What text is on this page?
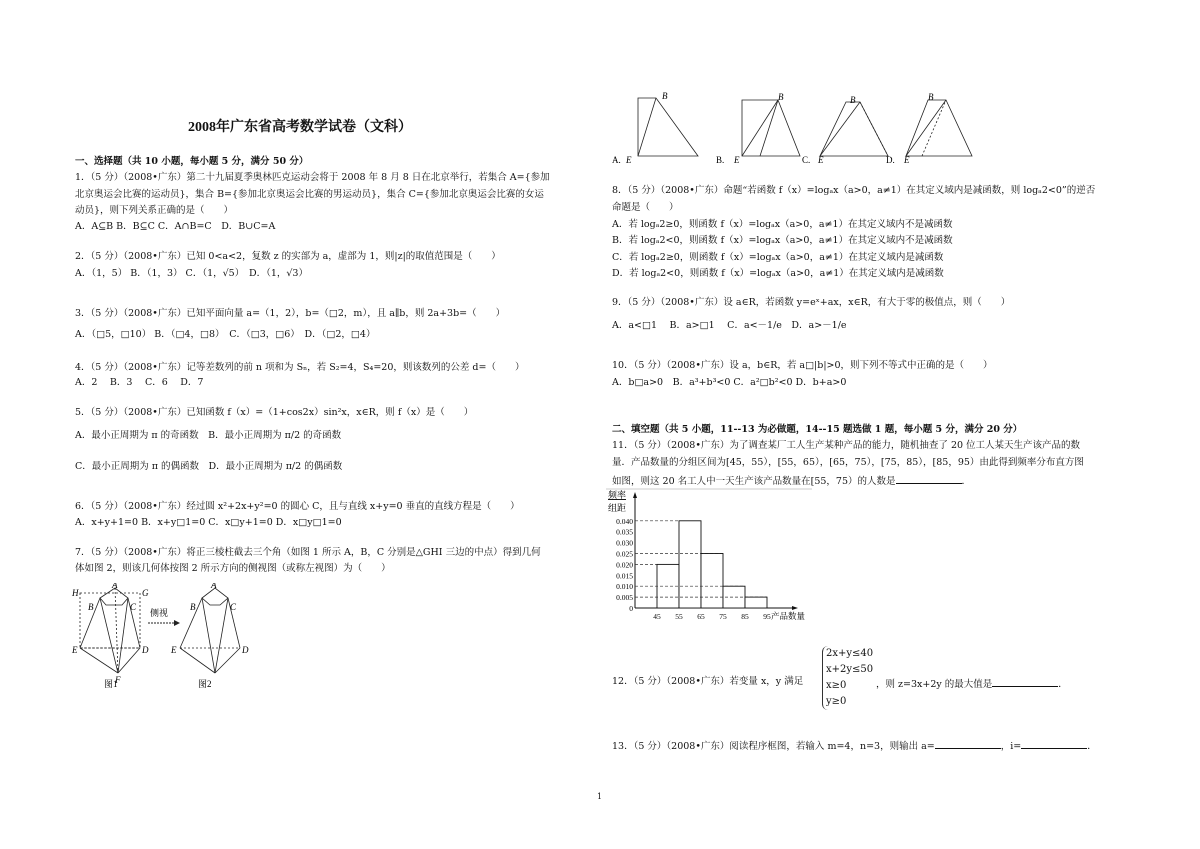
2008年广东省高考数学试卷（文科）
一、选择题（共 10 小题，每小题 5 分，满分 50 分）
1．（5 分）（2008•广东）第二十九届夏季奥林匹克运动会将于 2008 年 8 月 8 日在北京举行，若集合 A={参加
北京奥运会比赛的运动员}，集合 B={参加北京奥运会比赛的男运动员}，集合 C={参加北京奥运会比赛的女运
动员}，则下列关系正确的是（　　）
A．A⊆B B．B⊆C C．A∩B=C　D．B∪C=A
2．（5 分）（2008•广东）已知 0<a<2，复数 z 的实部为 a，虚部为 1，则|z|的取值范围是（　　）
A．（1，5） B．（1，3） C．（1，√5）　D．（1，√3）
3．（5 分）（2008•广东）已知平面向量 a=（1，2），b=（□2，m），且 a∥b，则 2a+3b=（　　）
A．（□5，□10） B．（□4，□8）　C．（□3，□6）　D．（□2，□4）
4．（5 分）（2008•广东）记等差数列的前 n 项和为 Sₙ，若 S₂=4，S₄=20，则该数列的公差 d=（　　）
A．2　 B．3　 C．6　 D．7
5．（5 分）（2008•广东）已知函数 f（x）=（1+cos2x）sin²x，x∈R，则 f（x）是（　　）
A．最小正周期为 π 的奇函数　B．最小正周期为 π/2 的奇函数
C．最小正周期为 π 的偶函数　D．最小正周期为 π/2 的偶函数
6．（5 分）（2008•广东）经过圆 x²+2x+y²=0 的圆心 C，且与直线 x+y=0 垂直的直线方程是（　　）
A．x+y+1=0 B．x+y□1=0 C．x□y+1=0 D．x□y□1=0
7．（5 分）（2008•广东）将正三棱柱截去三个角（如图 1 所示 A，B，C 分别是△GHI 三边的中点）得到几何
体如图 2，则该几何体按图 2 所示方向的侧视图（或称左视图）为（　　）
H
A
G
B	C
E	D
F
侧视
A
B	C
E	D
图1	图2
B	B	B	B
A. E	B. E	C. E	D. E
8．（5 分）（2008•广东）命题“若函数 f（x）=logₐx（a>0，a≠1）在其定义域内是减函数，则 logₐ2<0”的逆否
命题是（　　）
A．若 logₐ2≥0，则函数 f（x）=logₐx（a>0，a≠1）在其定义域内不是减函数
B．若 logₐ2<0，则函数 f（x）=logₐx（a>0，a≠1）在其定义域内不是减函数
C．若 logₐ2≥0，则函数 f（x）=logₐx（a>0，a≠1）在其定义域内是减函数
D．若 logₐ2<0，则函数 f（x）=logₐx（a>0，a≠1）在其定义域内是减函数
9．（5 分）（2008•广东）设 a∈R，若函数 y=eˣ+ax，x∈R，有大于零的极值点，则（　　）
A．a<□1　 B．a>□1　 C．a<－1/e　D．a>－1/e
10．（5 分）（2008•广东）设 a，b∈R，若 a□|b|>0，则下列不等式中正确的是（　　）
A．b□a>0　B．a³+b³<0 C．a²□b²<0 D．b+a>0
二、填空题（共 5 小题，11--13 为必做题，14--15 题选做 1 题，每小题 5 分，满分 20 分）
11．（5 分）（2008•广东）为了调查某厂工人生产某种产品的能力，随机抽查了 20 位工人某天生产该产品的数
量．产品数量的分组区间为[45，55），[55，65），[65，75），[75，85），[85，95）由此得到频率分布直方图
如图，则这 20 名工人中一天生产该产品数量在[55，75）的人数是	．
频率
组距
0
0.005
0.010
0.015
0.020
0.025
0.030
0.035
0.040
45 55 65 75 85 95 产品数量
12．（5 分）（2008•广东）若变量 x，y 满足
2x+y≤40
x+2y≤50
x≥0
y≥0
，则 z=3x+2y 的最大值是	．
13．（5 分）（2008•广东）阅读程序框图，若输入 m=4，n=3，则输出 a=	，i=	．
1
